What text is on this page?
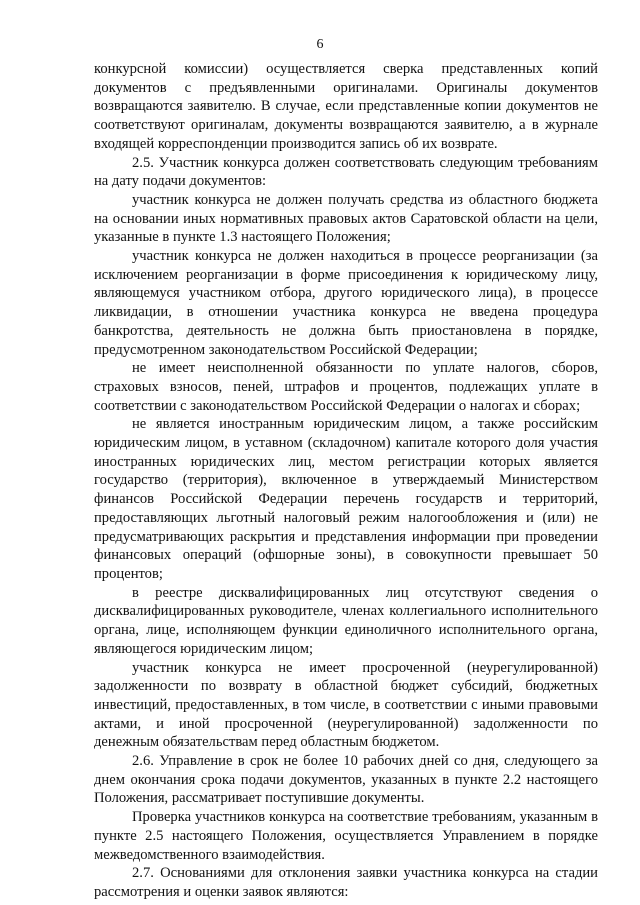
6

конкурсной комиссии) осуществляется сверка представленных копий документов с предъявленными оригиналами. Оригиналы документов возвращаются заявителю. В случае, если представленные копии документов не соответствуют оригиналам, документы возвращаются заявителю, а в журнале входящей корреспонденции производится запись об их возврате.

2.5. Участник конкурса должен соответствовать следующим требованиям на дату подачи документов:

участник конкурса не должен получать средства из областного бюджета на основании иных нормативных правовых актов Саратовской области на цели, указанные в пункте 1.3 настоящего Положения;

участник конкурса не должен находиться в процессе реорганизации (за исключением реорганизации в форме присоединения к юридическому лицу, являющемуся участником отбора, другого юридического лица), в процессе ликвидации, в отношении участника конкурса не введена процедура банкротства, деятельность не должна быть приостановлена в порядке, предусмотренном законодательством Российской Федерации;

не имеет неисполненной обязанности по уплате налогов, сборов, страховых взносов, пеней, штрафов и процентов, подлежащих уплате в соответствии с законодательством Российской Федерации о налогах и сборах;

не является иностранным юридическим лицом, а также российским юридическим лицом, в уставном (складочном) капитале которого доля участия иностранных юридических лиц, местом регистрации которых является государство (территория), включенное в утверждаемый Министерством финансов Российской Федерации перечень государств и территорий, предоставляющих льготный налоговый режим налогообложения и (или) не предусматривающих раскрытия и представления информации при проведении финансовых операций (офшорные зоны), в совокупности превышает 50 процентов;

в реестре дисквалифицированных лиц отсутствуют сведения о дисквалифицированных руководителе, членах коллегиального исполнительного органа, лице, исполняющем функции единоличного исполнительного органа, являющегося юридическим лицом;

участник конкурса не имеет просроченной (неурегулированной) задолженности по возврату в областной бюджет субсидий, бюджетных инвестиций, предоставленных, в том числе, в соответствии с иными правовыми актами, и иной просроченной (неурегулированной) задолженности по денежным обязательствам перед областным бюджетом.

2.6. Управление в срок не более 10 рабочих дней со дня, следующего за днем окончания срока подачи документов, указанных в пункте 2.2 настоящего Положения, рассматривает поступившие документы.

Проверка участников конкурса на соответствие требованиям, указанным в пункте 2.5 настоящего Положения, осуществляется Управлением в порядке межведомственного взаимодействия.

2.7. Основаниями для отклонения заявки участника конкурса на стадии рассмотрения и оценки заявок являются:
